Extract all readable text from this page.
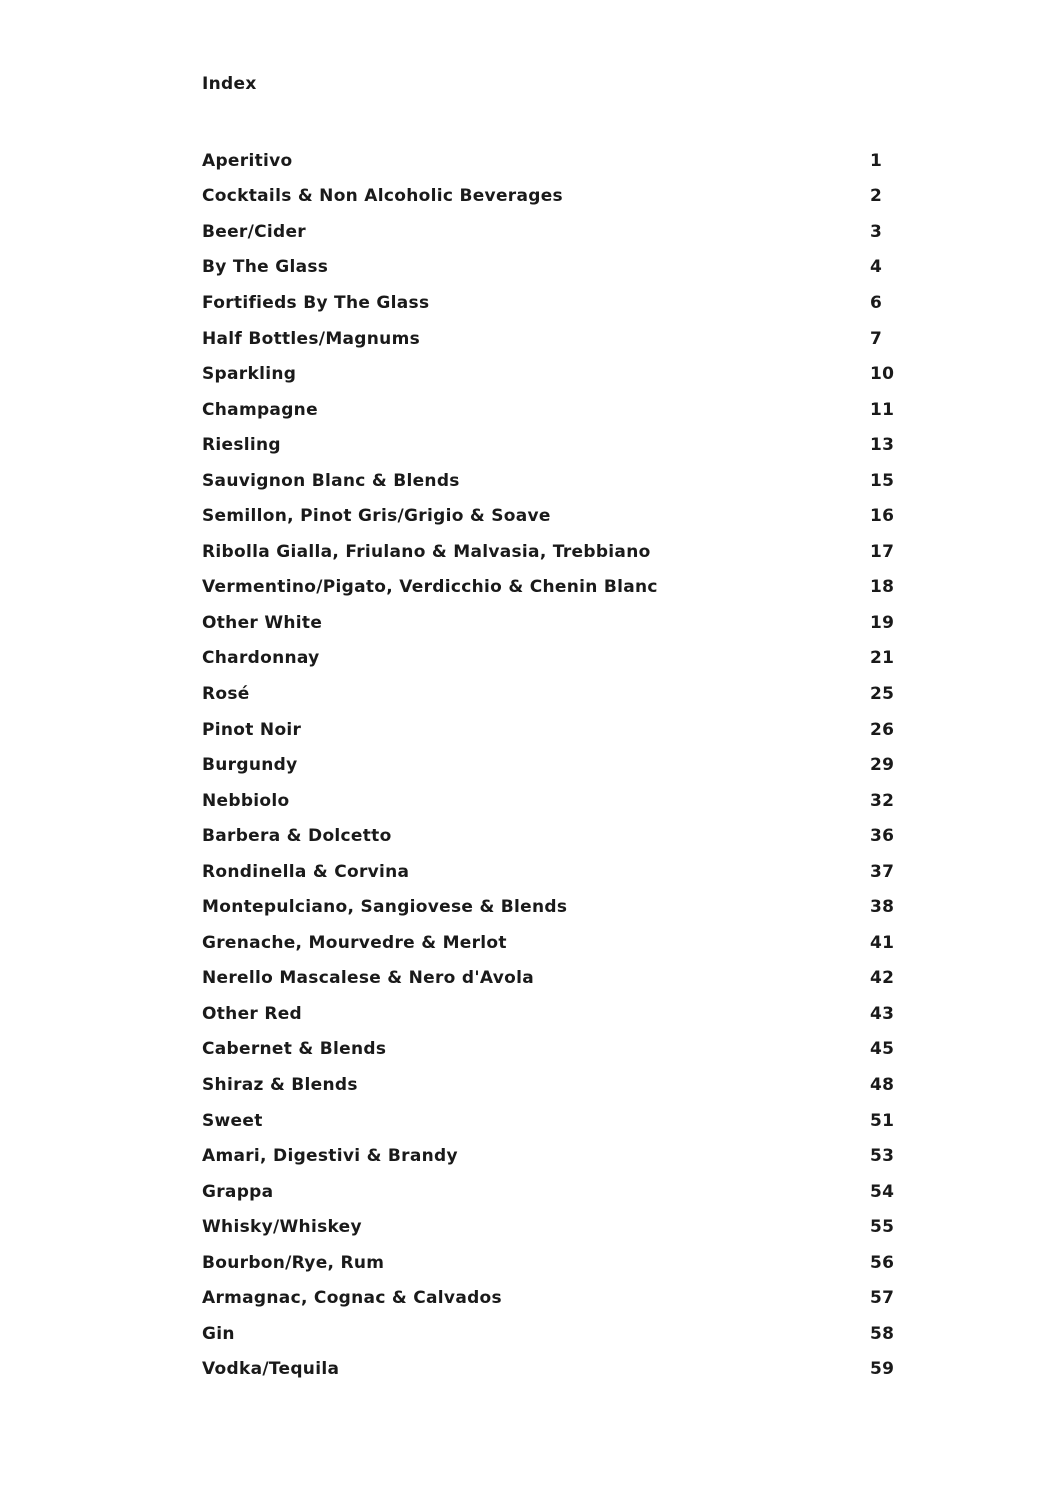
Index
Aperitivo	1
Cocktails & Non Alcoholic Beverages	2
Beer/Cider	3
By The Glass	4
Fortifieds By The Glass	6
Half Bottles/Magnums	7
Sparkling	10
Champagne	11
Riesling	13
Sauvignon Blanc & Blends	15
Semillon, Pinot Gris/Grigio & Soave	16
Ribolla Gialla, Friulano & Malvasia, Trebbiano	17
Vermentino/Pigato, Verdicchio & Chenin Blanc	18
Other White	19
Chardonnay	21
Rosé	25
Pinot Noir	26
Burgundy	29
Nebbiolo	32
Barbera & Dolcetto	36
Rondinella & Corvina	37
Montepulciano, Sangiovese & Blends	38
Grenache, Mourvedre & Merlot	41
Nerello Mascalese & Nero d'Avola	42
Other Red	43
Cabernet & Blends	45
Shiraz & Blends	48
Sweet	51
Amari, Digestivi & Brandy	53
Grappa	54
Whisky/Whiskey	55
Bourbon/Rye, Rum	56
Armagnac, Cognac & Calvados	57
Gin	58
Vodka/Tequila	59
